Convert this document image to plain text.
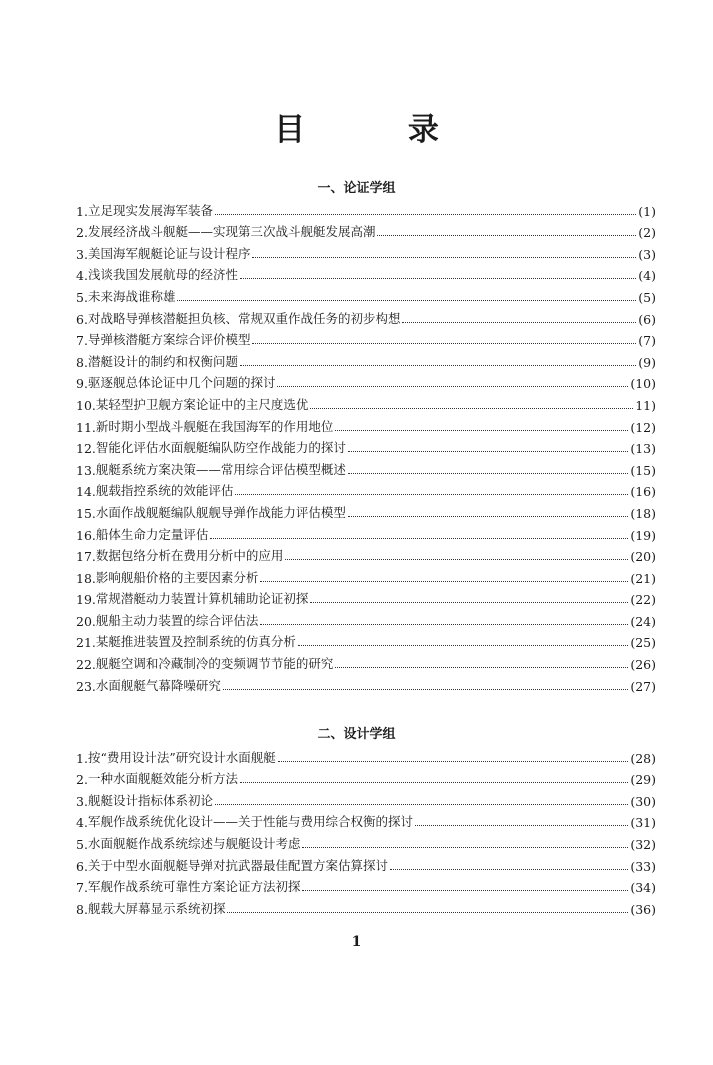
目 录
一、论证学组
1. 立足现实发展海军装备	(1)
2. 发展经济战斗舰艇——实现第三次战斗舰艇发展高潮	(2)
3. 美国海军舰艇论证与设计程序	(3)
4. 浅谈我国发展航母的经济性	(4)
5. 未来海战谁称雄	(5)
6. 对战略导弹核潜艇担负核、常规双重作战任务的初步构想	(6)
7. 导弹核潜艇方案综合评价模型	(7)
8. 潜艇设计的制约和权衡问题	(9)
9. 驱逐舰总体论证中几个问题的探讨	(10)
10. 某轻型护卫舰方案论证中的主尺度选优	11)
11. 新时期小型战斗舰艇在我国海军的作用地位	(12)
12. 智能化评估水面舰艇编队防空作战能力的探讨	(13)
13. 舰艇系统方案决策——常用综合评估模型概述	(15)
14. 舰载指控系统的效能评估	(16)
15. 水面作战舰艇编队舰舰导弹作战能力评估模型	(18)
16. 船体生命力定量评估	(19)
17. 数据包络分析在费用分析中的应用	(20)
18. 影响舰船价格的主要因素分析	(21)
19. 常规潜艇动力装置计算机辅助论证初探	(22)
20. 舰船主动力装置的综合评估法	(24)
21. 某艇推进装置及控制系统的仿真分析	(25)
22. 舰艇空调和冷藏制冷的变频调节节能的研究	(26)
23. 水面舰艇气幕降噪研究	(27)
二、设计学组
1. 按“费用设计法”研究设计水面舰艇	(28)
2. 一种水面舰艇效能分析方法	(29)
3. 舰艇设计指标体系初论	(30)
4. 军舰作战系统优化设计——关于性能与费用综合权衡的探讨	(31)
5. 水面舰艇作战系统综述与舰艇设计考虑	(32)
6. 关于中型水面舰艇导弹对抗武器最佳配置方案估算探讨	(33)
7. 军舰作战系统可靠性方案论证方法初探	(34)
8. 舰载大屏幕显示系统初探	(36)
1
